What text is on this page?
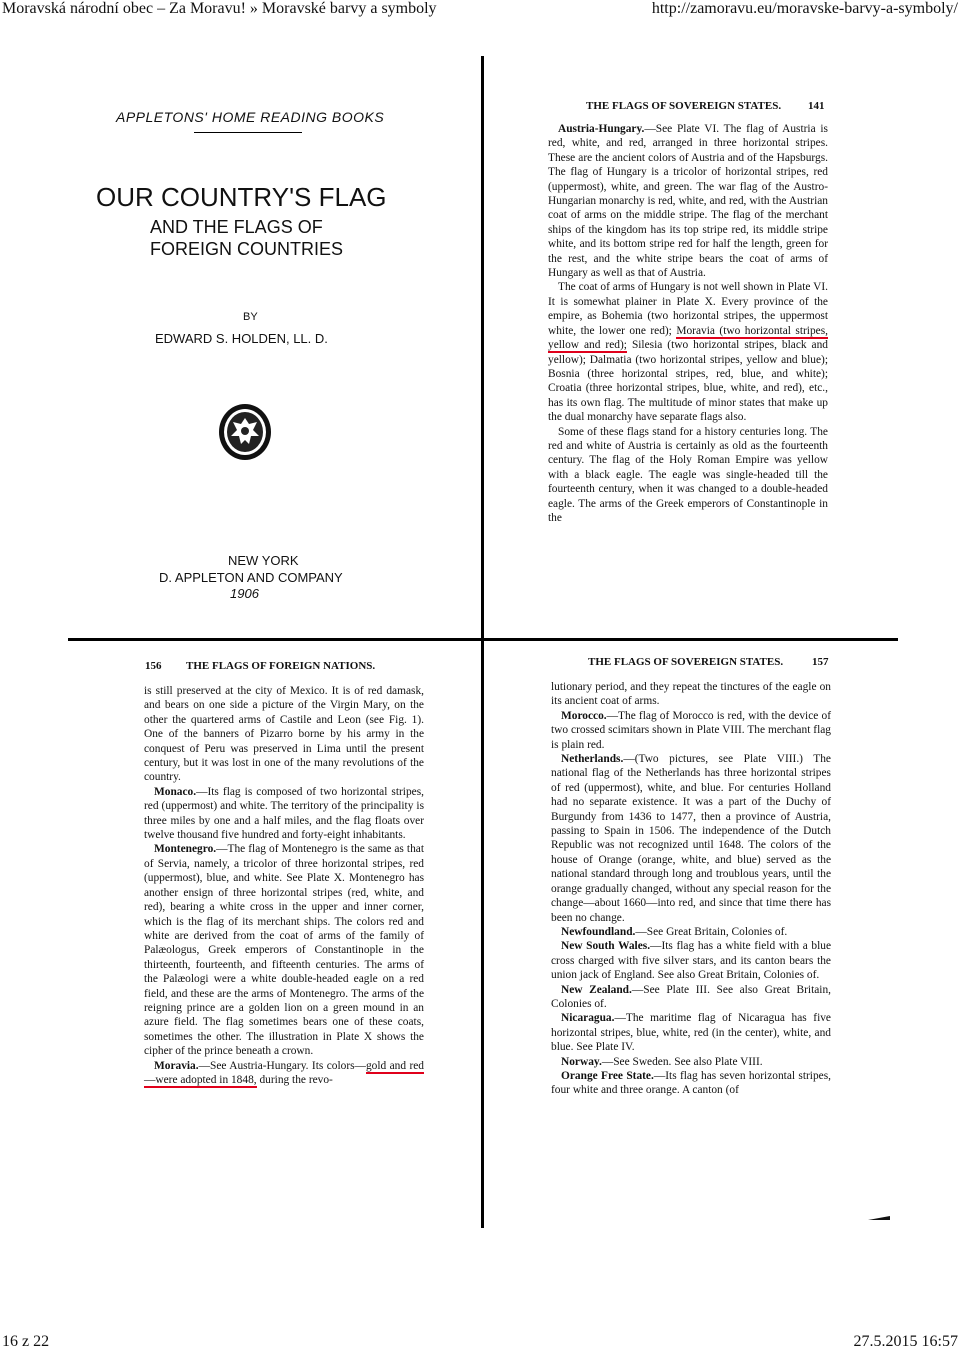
Moravská národní obec – Za Moravu! » Moravské barvy a symboly	http://zamoravu.eu/moravske-barvy-a-symboly/
APPLETONS' HOME READING BOOKS
OUR COUNTRY'S FLAG
AND THE FLAGS OF
FOREIGN COUNTRIES
BY
EDWARD S. HOLDEN, LL. D.
NEW YORK
D. APPLETON AND COMPANY
1906
THE FLAGS OF SOVEREIGN STATES. 141

Austria-Hungary.—See Plate VI. The flag of Austria is red, white, and red, arranged in three horizontal stripes. These are the ancient colors of Austria and of the Hapsburgs. The flag of Hungary is a tricolor of horizontal stripes, red (uppermost), white, and green. The war flag of the Austro-Hungarian monarchy is red, white, and red, with the Austrian coat of arms on the middle stripe. The flag of the merchant ships of the kingdom has its top stripe red, its middle stripe white, and its bottom stripe red for half the length, green for the rest, and the white stripe bears the coat of arms of Hungary as well as that of Austria.

The coat of arms of Hungary is not well shown in Plate VI. It is somewhat plainer in Plate X. Every province of the empire, as Bohemia (two horizontal stripes, the uppermost white, the lower one red); Moravia (two horizontal stripes, yellow and red); Silesia (two horizontal stripes, black and yellow); Dalmatia (two horizontal stripes, yellow and blue); Bosnia (three horizontal stripes, red, blue, and white); Croatia (three horizontal stripes, blue, white, and red), etc., has its own flag. The multitude of minor states that make up the dual monarchy have separate flags also.

Some of these flags stand for a history centuries long. The red and white of Austria is certainly as old as the fourteenth century. The flag of the Holy Roman Empire was yellow with a black eagle. The eagle was single-headed till the fourteenth century, when it was changed to a double-headed eagle. The arms of the Greek emperors of Constantinople in the

156 THE FLAGS OF FOREIGN NATIONS.

is still preserved at the city of Mexico. It is of red damask, and bears on one side a picture of the Virgin Mary, on the other the quartered arms of Castile and Leon (see Fig. 1). One of the banners of Pizarro borne by his army in the conquest of Peru was preserved in Lima until the present century, but it was lost in one of the many revolutions of the country.

Monaco.—Its flag is composed of two horizontal stripes, red (uppermost) and white. The territory of the principality is three miles by one and a half miles, and the flag floats over twelve thousand five hundred and forty-eight inhabitants.

Montenegro.—The flag of Montenegro is the same as that of Servia, namely, a tricolor of three horizontal stripes, red (uppermost), blue, and white. See Plate X. Montenegro has another ensign of three horizontal stripes (red, white, and red), bearing a white cross in the upper and inner corner, which is the flag of its merchant ships. The colors red and white are derived from the coat of arms of the family of Palæologus, Greek emperors of Constantinople in the thirteenth, fourteenth, and fifteenth centuries. The arms of the Palæologi were a white double-headed eagle on a red field, and these are the arms of Montenegro. The arms of the reigning prince are a golden lion on a green mound in an azure field. The flag sometimes bears one of these coats, sometimes the other. The illustration in Plate X shows the cipher of the prince beneath a crown.

Moravia.—See Austria-Hungary. Its colors—gold and red—were adopted in 1848, during the revo-

THE FLAGS OF SOVEREIGN STATES.	157

lutionary period, and they repeat the tinctures of the eagle on its ancient coat of arms.

Morocco.—The flag of Morocco is red, with the device of two crossed scimitars shown in Plate VIII. The merchant flag is plain red.

Netherlands.—(Two pictures, see Plate VIII.) The national flag of the Netherlands has three horizontal stripes of red (uppermost), white, and blue. For centuries Holland had no separate existence. It was a part of the Duchy of Burgundy from 1436 to 1477, then a province of Austria, passing to Spain in 1506. The independence of the Dutch Republic was not recognized until 1648. The colors of the house of Orange (orange, white, and blue) served as the national standard through long and troublous years, until the orange gradually changed, without any special reason for the change—about 1660—into red, and since that time there has been no change.

Newfoundland.—See Great Britain, Colonies of.

New South Wales.—Its flag has a white field with a blue cross charged with five silver stars, and its canton bears the union jack of England. See also Great Britain, Colonies of.

New Zealand.—See Plate III. See also Great Britain, Colonies of.

Nicaragua.—The maritime flag of Nicaragua has five horizontal stripes, blue, white, red (in the center), white, and blue. See Plate IV.

Norway.—See Sweden. See also Plate VIII.

Orange Free State.—Its flag has seven horizontal stripes, four white and three orange. A canton (of

16 z 22	27.5.2015 16:57
